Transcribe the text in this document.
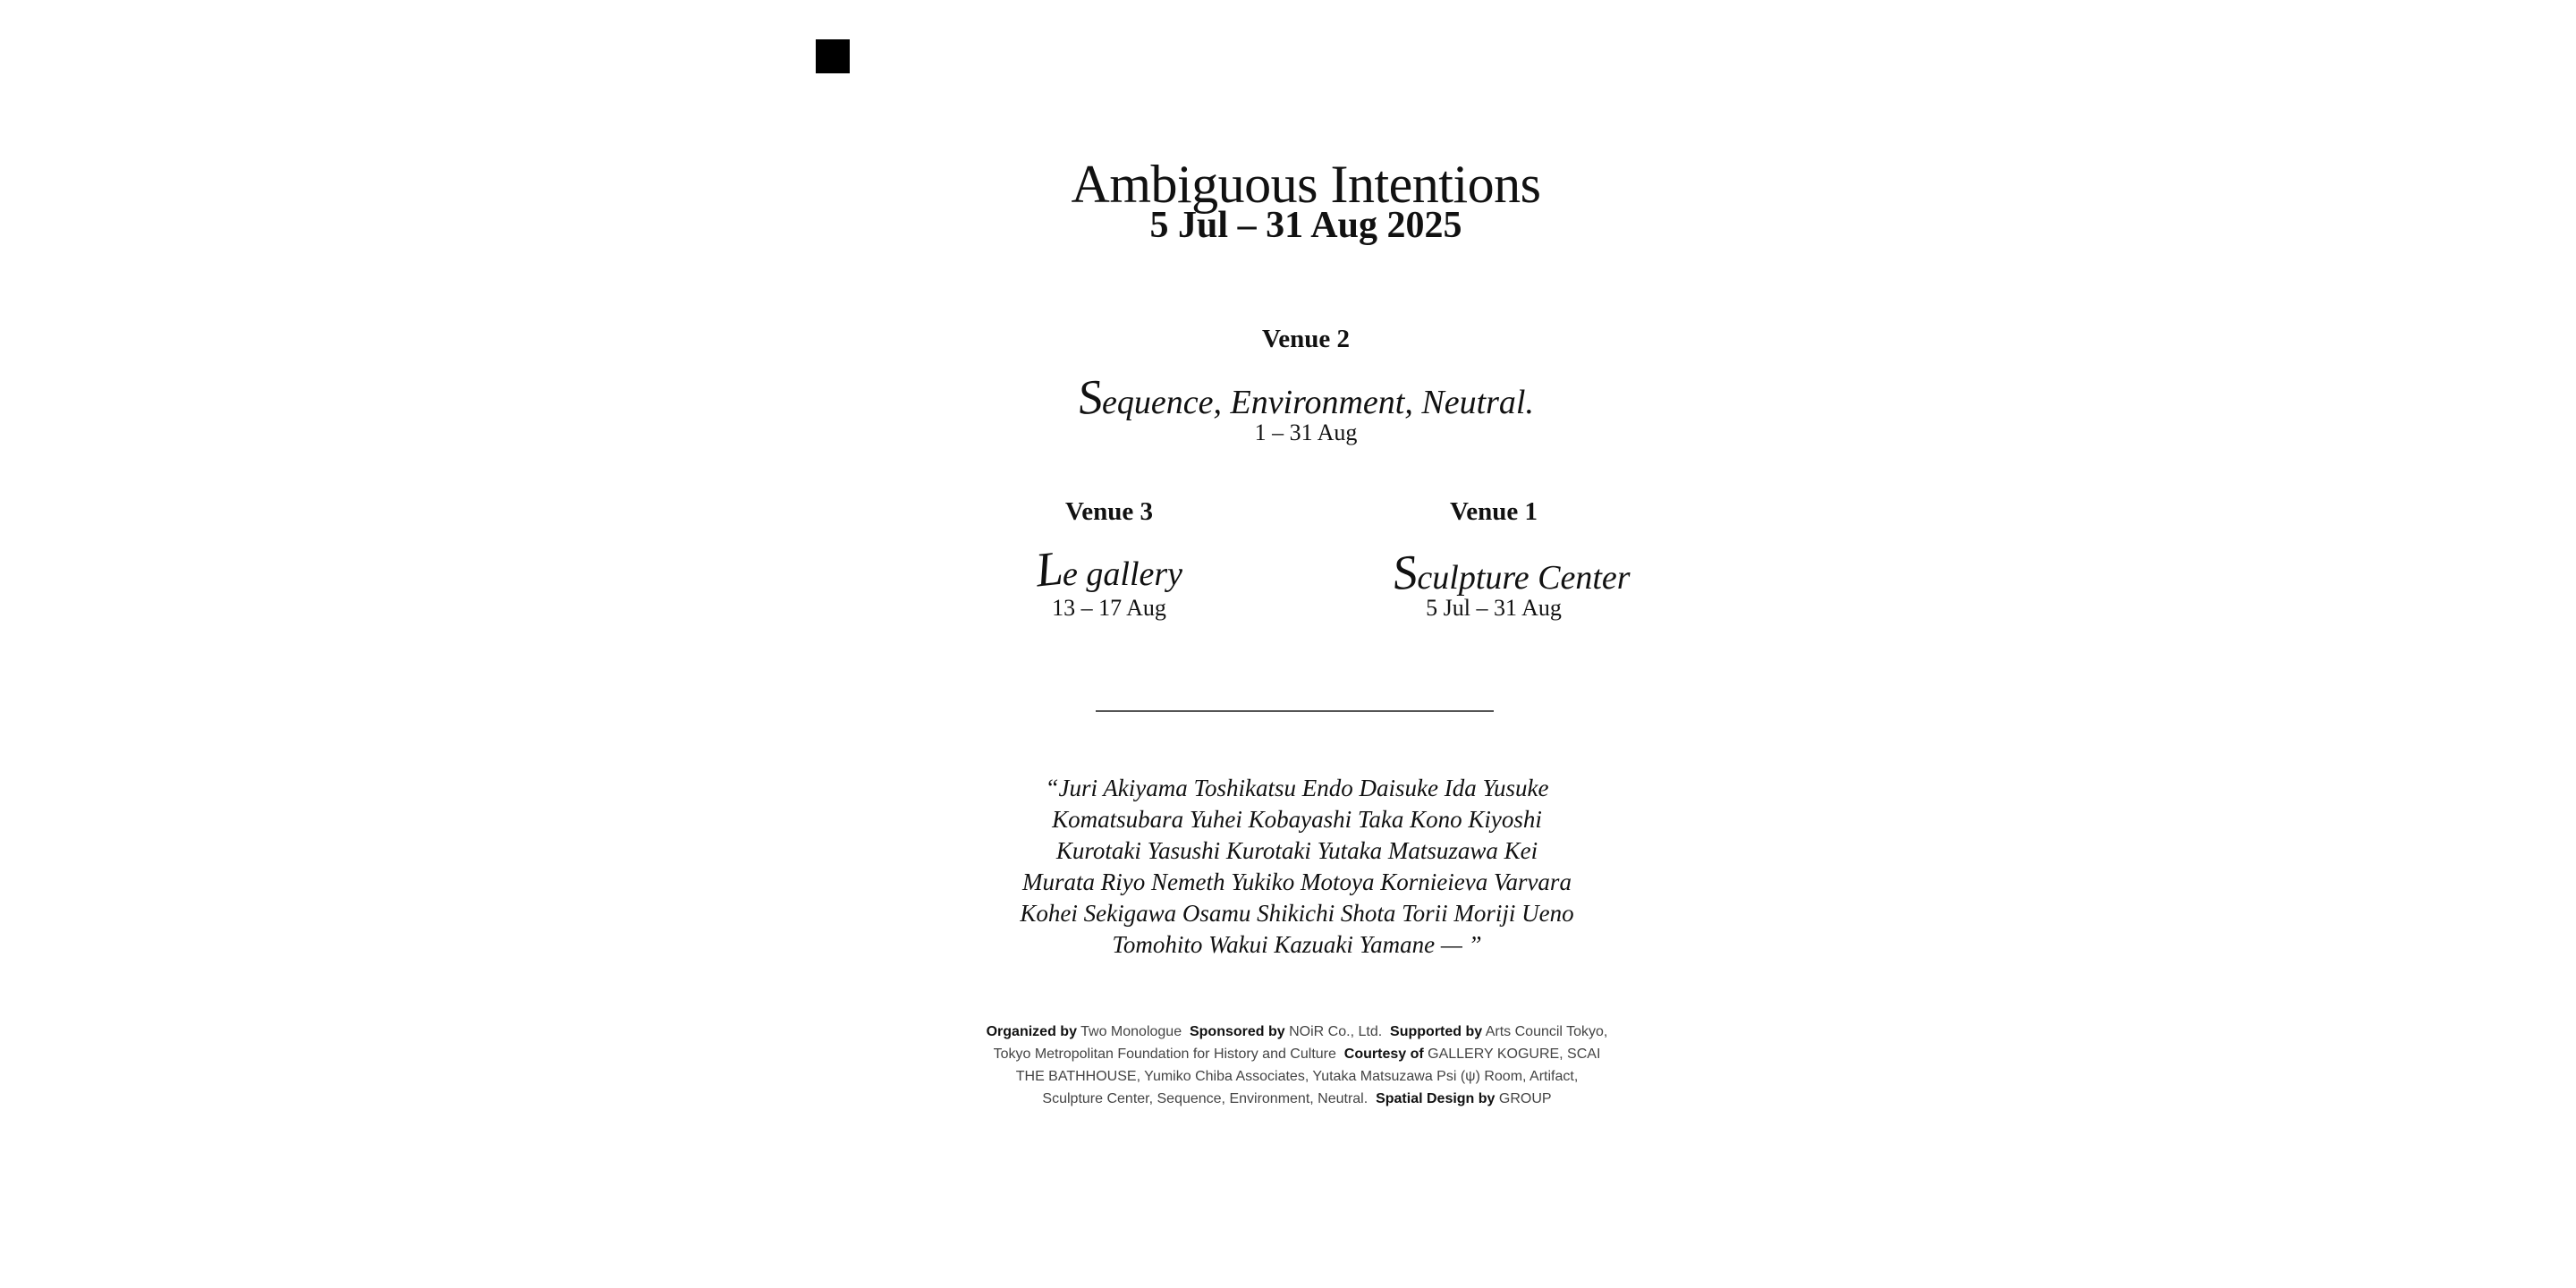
Ambiguous Intentions
5 Jul – 31 Aug 2025
Venue 2
Sequence, Environment, Neutral.
1 – 31 Aug
Venue 3
Le gallery
13 – 17 Aug
Venue 1
Sculpture Center
5 Jul – 31 Aug

“Juri Akiyama Toshikatsu Endo Daisuke Ida Yusuke Komatsubara Yuhei Kobayashi Taka Kono Kiyoshi Kurotaki Yasushi Kurotaki Yutaka Matsuzawa Kei Murata Riyo Nemeth Yukiko Motoya Kornieieva Varvara Kohei Sekigawa Osamu Shikichi Shota Torii Moriji Ueno Tomohito Wakui Kazuaki Yamane — ”

Organized by Two Monologue Sponsored by NOiR Co., Ltd. Supported by Arts Council Tokyo, Tokyo Metropolitan Foundation for History and Culture Courtesy of GALLERY KOGURE, SCAI THE BATHHOUSE, Yumiko Chiba Associates, Yutaka Matsuzawa Psi (ψ) Room, Artifact, Sculpture Center, Sequence, Environment, Neutral. Spatial Design by GROUP
